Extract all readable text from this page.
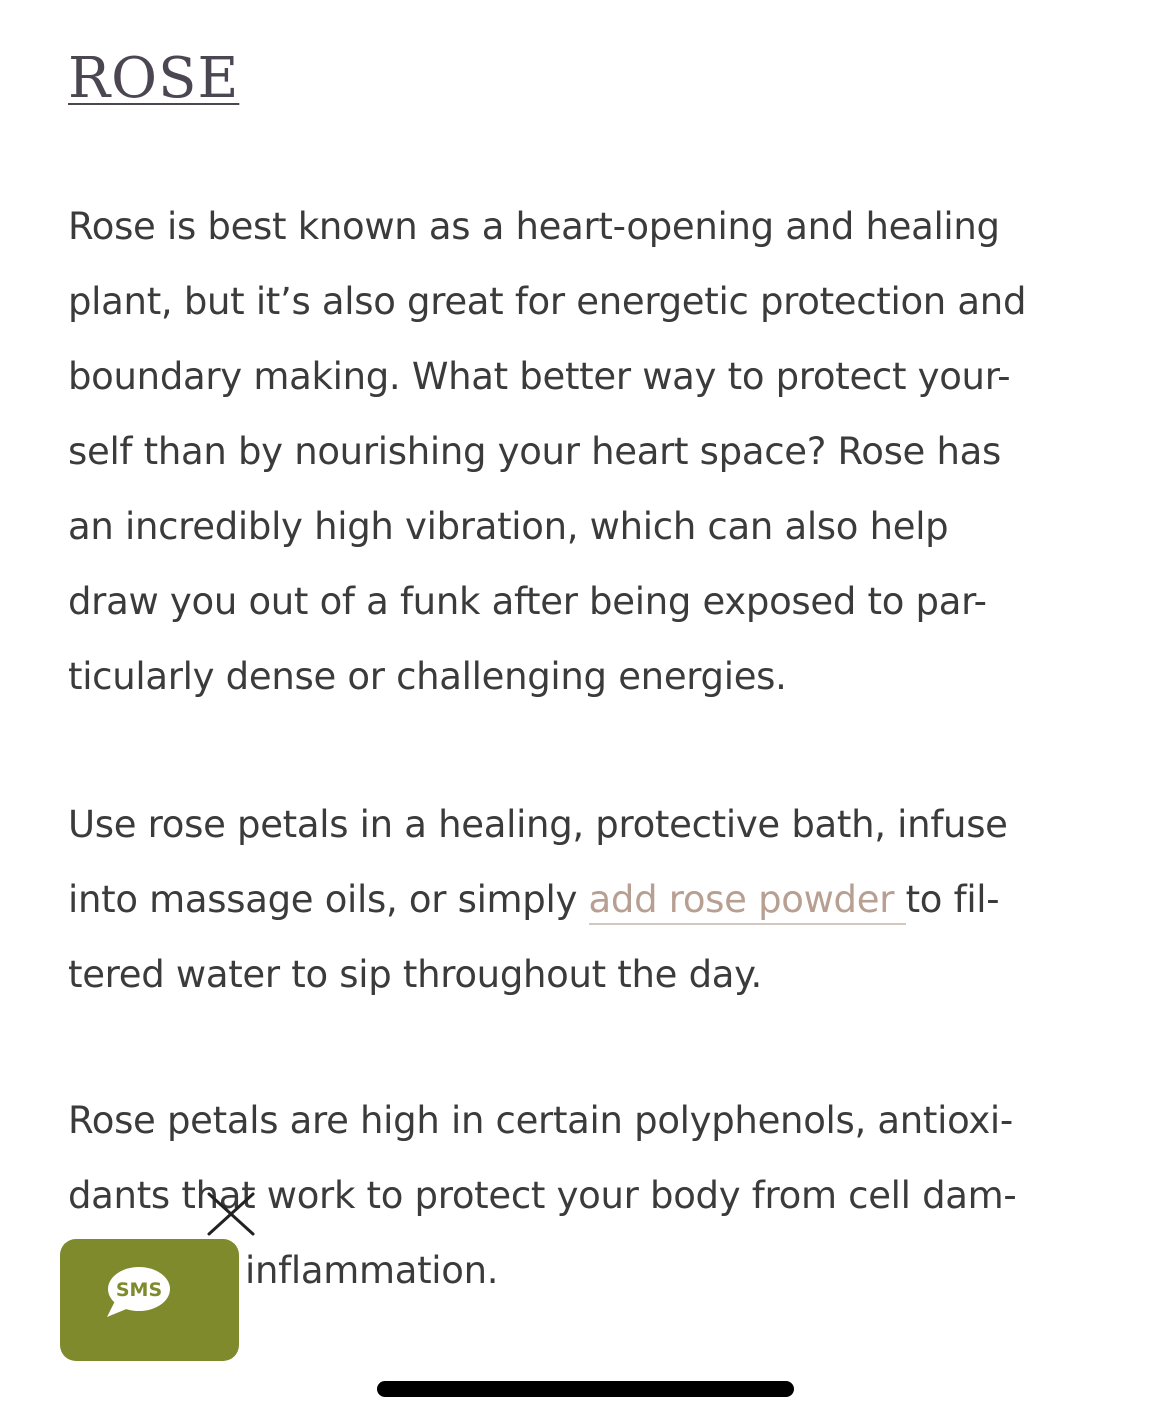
ROSE

Rose is best known as a heart-opening and healing
plant, but it’s also great for energetic protection and
boundary making. What better way to protect your-
self than by nourishing your heart space? Rose has
an incredibly high vibration, which can also help
draw you out of a funk after being exposed to par-
ticularly dense or challenging energies.

Use rose petals in a healing, protective bath, infuse
into massage oils, or simply add rose powder to fil-
tered water to sip throughout the day.

Rose petals are high in certain polyphenols, antioxi-
dants that work to protect your body from cell dam-
inflammation.

SMS
